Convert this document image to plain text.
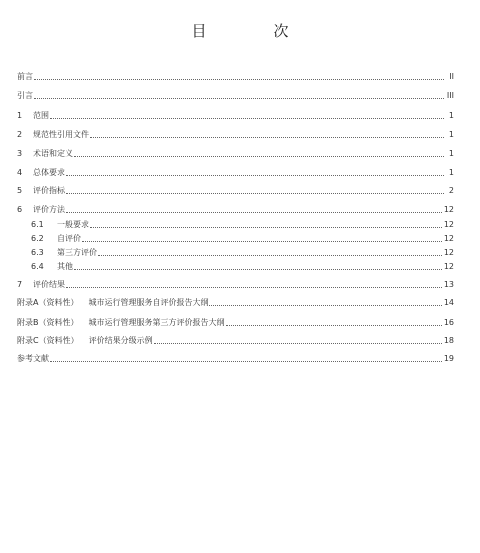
目　次
前言	II
引言	III
1	范围	1
2	规范性引用文件	1
3	术语和定义	1
4	总体要求	1
5	评价指标	2
6	评价方法	12
6.1	一般要求	12
6.2	自评价	12
6.3	第三方评价	12
6.4	其他	12
7	评价结果	13
附录A（资料性） 城市运行管理服务自评价报告大纲	14
附录B（资料性） 城市运行管理服务第三方评价报告大纲	16
附录C（资料性） 评价结果分级示例	18
参考文献	19
